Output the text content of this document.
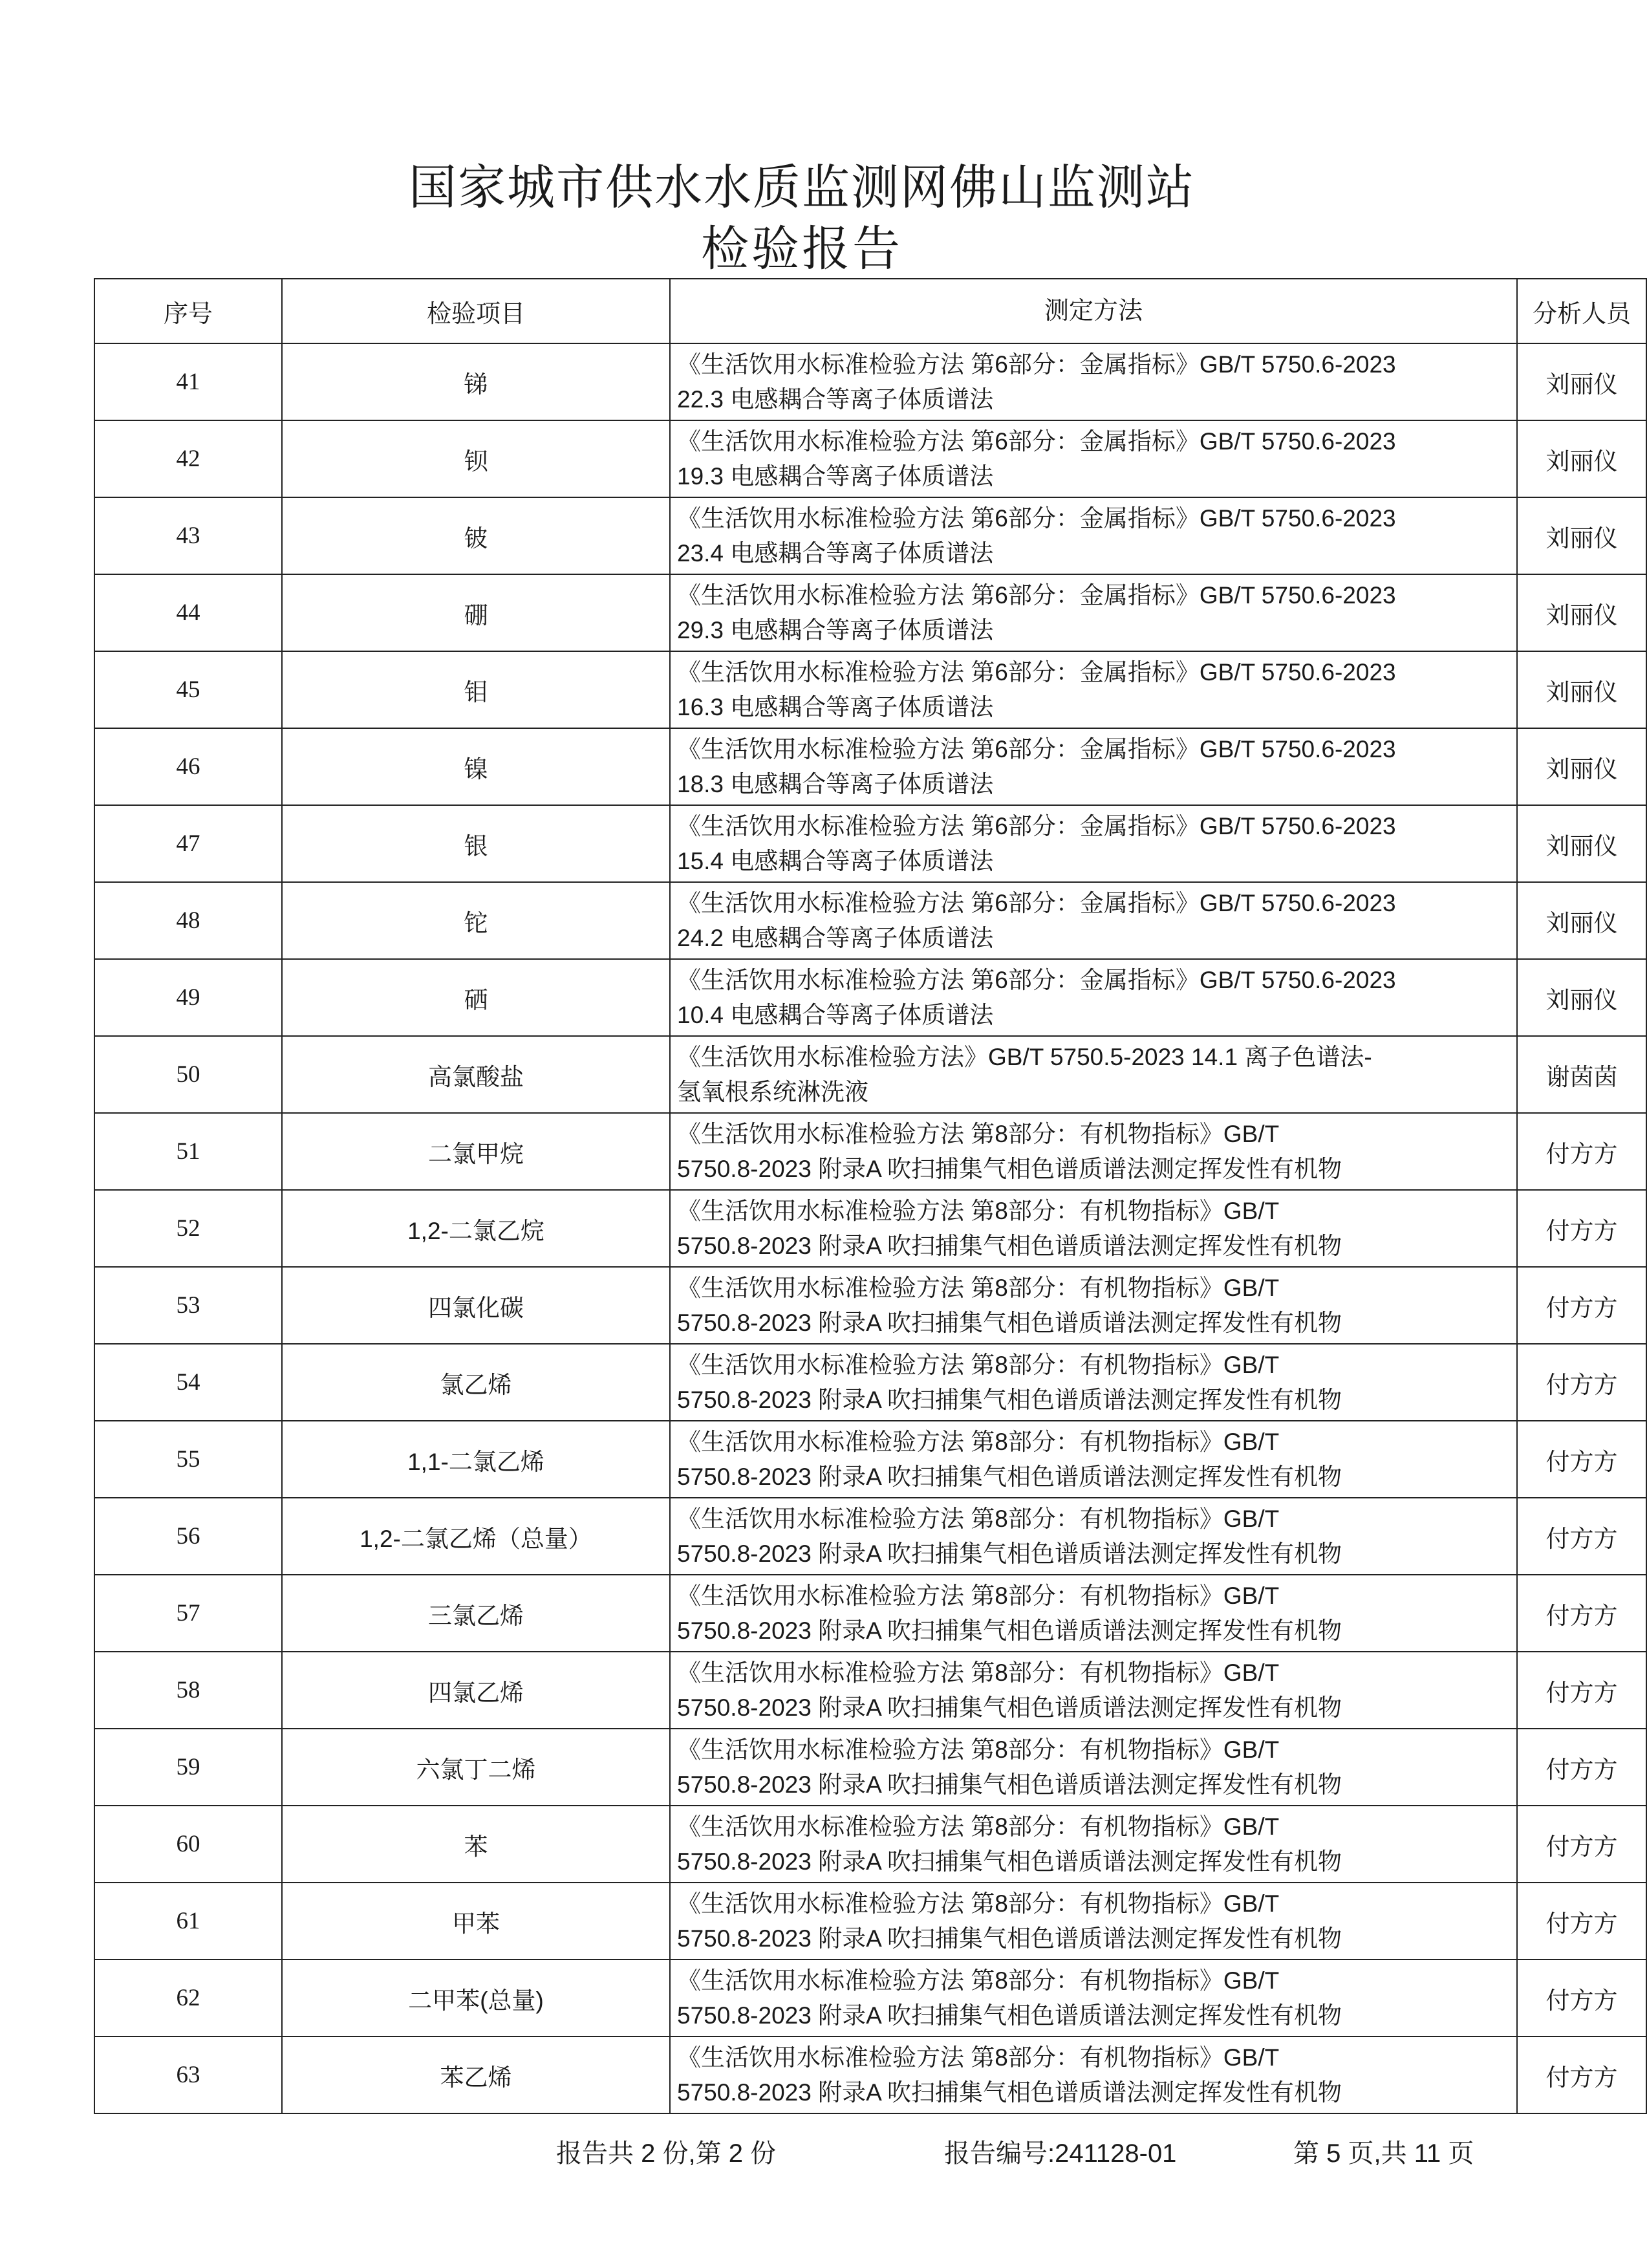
国家城市供水水质监测网佛山监测站
检验报告
序号	检验项目	测定方法	分析人员
41	锑	《生活饮用水标准检验方法 第6部分：金属指标》GB/T 5750.6-2023
22.3 电感耦合等离子体质谱法	刘丽仪
42	钡	《生活饮用水标准检验方法 第6部分：金属指标》GB/T 5750.6-2023
19.3 电感耦合等离子体质谱法	刘丽仪
43	铍	《生活饮用水标准检验方法 第6部分：金属指标》GB/T 5750.6-2023
23.4 电感耦合等离子体质谱法	刘丽仪
44	硼	《生活饮用水标准检验方法 第6部分：金属指标》GB/T 5750.6-2023
29.3 电感耦合等离子体质谱法	刘丽仪
45	钼	《生活饮用水标准检验方法 第6部分：金属指标》GB/T 5750.6-2023
16.3 电感耦合等离子体质谱法	刘丽仪
46	镍	《生活饮用水标准检验方法 第6部分：金属指标》GB/T 5750.6-2023
18.3 电感耦合等离子体质谱法	刘丽仪
47	银	《生活饮用水标准检验方法 第6部分：金属指标》GB/T 5750.6-2023
15.4 电感耦合等离子体质谱法	刘丽仪
48	铊	《生活饮用水标准检验方法 第6部分：金属指标》GB/T 5750.6-2023
24.2 电感耦合等离子体质谱法	刘丽仪
49	硒	《生活饮用水标准检验方法 第6部分：金属指标》GB/T 5750.6-2023
10.4 电感耦合等离子体质谱法	刘丽仪
50	高氯酸盐	《生活饮用水标准检验方法》GB/T 5750.5-2023 14.1 离子色谱法-
氢氧根系统淋洗液	谢茵茵
51	二氯甲烷	《生活饮用水标准检验方法 第8部分：有机物指标》GB/T
5750.8-2023 附录A 吹扫捕集气相色谱质谱法测定挥发性有机物	付方方
52	1,2-二氯乙烷	《生活饮用水标准检验方法 第8部分：有机物指标》GB/T
5750.8-2023 附录A 吹扫捕集气相色谱质谱法测定挥发性有机物	付方方
53	四氯化碳	《生活饮用水标准检验方法 第8部分：有机物指标》GB/T
5750.8-2023 附录A 吹扫捕集气相色谱质谱法测定挥发性有机物	付方方
54	氯乙烯	《生活饮用水标准检验方法 第8部分：有机物指标》GB/T
5750.8-2023 附录A 吹扫捕集气相色谱质谱法测定挥发性有机物	付方方
55	1,1-二氯乙烯	《生活饮用水标准检验方法 第8部分：有机物指标》GB/T
5750.8-2023 附录A 吹扫捕集气相色谱质谱法测定挥发性有机物	付方方
56	1,2-二氯乙烯（总量）	《生活饮用水标准检验方法 第8部分：有机物指标》GB/T
5750.8-2023 附录A 吹扫捕集气相色谱质谱法测定挥发性有机物	付方方
57	三氯乙烯	《生活饮用水标准检验方法 第8部分：有机物指标》GB/T
5750.8-2023 附录A 吹扫捕集气相色谱质谱法测定挥发性有机物	付方方
58	四氯乙烯	《生活饮用水标准检验方法 第8部分：有机物指标》GB/T
5750.8-2023 附录A 吹扫捕集气相色谱质谱法测定挥发性有机物	付方方
59	六氯丁二烯	《生活饮用水标准检验方法 第8部分：有机物指标》GB/T
5750.8-2023 附录A 吹扫捕集气相色谱质谱法测定挥发性有机物	付方方
60	苯	《生活饮用水标准检验方法 第8部分：有机物指标》GB/T
5750.8-2023 附录A 吹扫捕集气相色谱质谱法测定挥发性有机物	付方方
61	甲苯	《生活饮用水标准检验方法 第8部分：有机物指标》GB/T
5750.8-2023 附录A 吹扫捕集气相色谱质谱法测定挥发性有机物	付方方
62	二甲苯(总量)	《生活饮用水标准检验方法 第8部分：有机物指标》GB/T
5750.8-2023 附录A 吹扫捕集气相色谱质谱法测定挥发性有机物	付方方
63	苯乙烯	《生活饮用水标准检验方法 第8部分：有机物指标》GB/T
5750.8-2023 附录A 吹扫捕集气相色谱质谱法测定挥发性有机物	付方方
报告共 2 份,第 2 份	报告编号:241128-01	第 5 页,共 11 页
